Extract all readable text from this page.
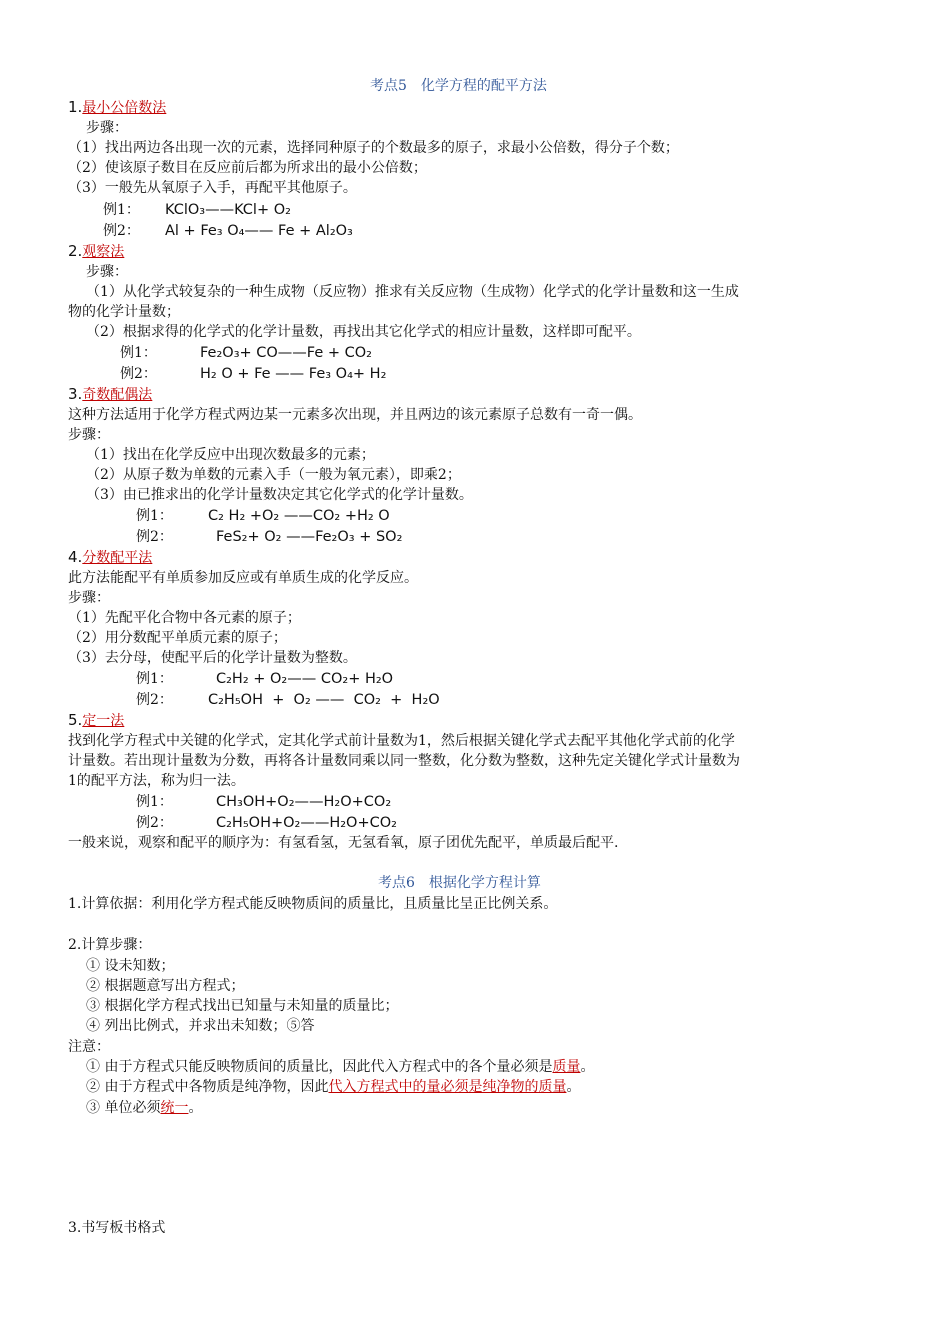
考点5　化学方程的配平方法
1.最小公倍数法
步骤：
（1）找出两边各出现一次的元素，选择同种原子的个数最多的原子，求最小公倍数，得分子个数；
（2）使该原子数目在反应前后都为所求出的最小公倍数；
（3）一般先从氧原子入手，再配平其他原子。
例1： KClO₃——KCl+ O₂
例2： Al + Fe₃ O₄—— Fe + Al₂O₃
2.观察法
步骤：
（1）从化学式较复杂的一种生成物（反应物）推求有关反应物（生成物）化学式的化学计量数和这一生成
物的化学计量数；
（2）根据求得的化学式的化学计量数，再找出其它化学式的相应计量数，这样即可配平。
例1：	Fe₂O₃+ CO——Fe + CO₂
例2：	H₂ O + Fe —— Fe₃ O₄+ H₂
3.奇数配偶法
这种方法适用于化学方程式两边某一元素多次出现，并且两边的该元素原子总数有一奇一偶。
步骤：
（1）找出在化学反应中出现次数最多的元素；
（2）从原子数为单数的元素入手（一般为氧元素），即乘2；
（3）由已推求出的化学计量数决定其它化学式的化学计量数。
例1： C₂ H₂ +O₂ ——CO₂ +H₂ O
例2：	FeS₂+ O₂ ——Fe₂O₃ + SO₂
4.分数配平法
此方法能配平有单质参加反应或有单质生成的化学反应。
步骤：
（1）先配平化合物中各元素的原子；
（2）用分数配平单质元素的原子；
（3）去分母，使配平后的化学计量数为整数。
例1：	C₂H₂ + O₂—— CO₂+ H₂O
例2： C₂H₅OH  +  O₂ ——  CO₂  +  H₂O
5.定一法
找到化学方程式中关键的化学式，定其化学式前计量数为1，然后根据关键化学式去配平其他化学式前的化学
计量数。若出现计量数为分数，再将各计量数同乘以同一整数，化分数为整数，这种先定关键化学式计量数为
1的配平方法，称为归一法。
例1：	CH₃OH+O₂——H₂O+CO₂
例2：	C₂H₅OH+O₂——H₂O+CO₂
一般来说，观察和配平的顺序为：有氢看氢，无氢看氧，原子团优先配平，单质最后配平.
考点6　根据化学方程计算
1.计算依据：利用化学方程式能反映物质间的质量比，且质量比呈正比例关系。
2.计算步骤：
① 设未知数；
② 根据题意写出方程式；
③ 根据化学方程式找出已知量与未知量的质量比；
④ 列出比例式，并求出未知数；⑤答
注意：
① 由于方程式只能反映物质间的质量比，因此代入方程式中的各个量必须是质量。
② 由于方程式中各物质是纯净物，因此代入方程式中的量必须是纯净物的质量。
③ 单位必须统一。
3.书写板书格式
